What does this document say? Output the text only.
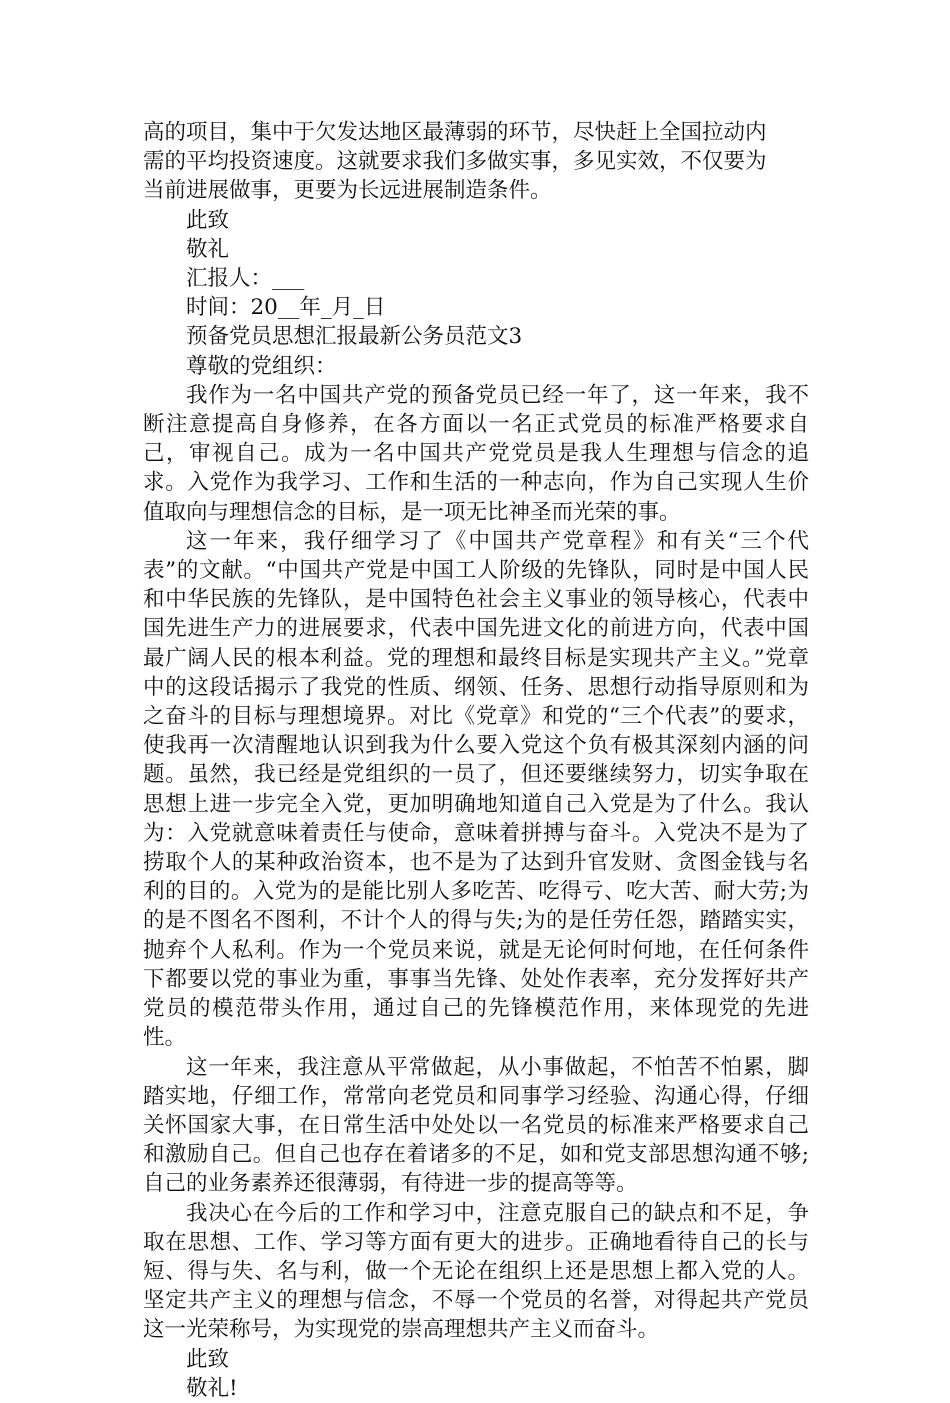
高的项目，集中于欠发达地区最薄弱的环节，尽快赶上全国拉动内
需的平均投资速度。这就要求我们多做实事，多见实效，不仅要为
当前进展做事，更要为长远进展制造条件。

此致

敬礼

汇报人：___

时间：20__年_月_日

预备党员思想汇报最新公务员范文3

尊敬的党组织：

我作为一名中国共产党的预备党员已经一年了，这一年来，我不断注意提高自身修养，在各方面以一名正式党员的标准严格要求自己，审视自己。成为一名中国共产党党员是我人生理想与信念的追求。入党作为我学习、工作和生活的一种志向，作为自己实现人生价值取向与理想信念的目标，是一项无比神圣而光荣的事。

这一年来，我仔细学习了《中国共产党章程》和有关“三个代表”的文献。“中国共产党是中国工人阶级的先锋队，同时是中国人民和中华民族的先锋队，是中国特色社会主义事业的领导核心，代表中国先进生产力的进展要求，代表中国先进文化的前进方向，代表中国最广阔人民的根本利益。党的理想和最终目标是实现共产主义。”党章中的这段话揭示了我党的性质、纲领、任务、思想行动指导原则和为之奋斗的目标与理想境界。对比《党章》和党的“三个代表”的要求，使我再一次清醒地认识到我为什么要入党这个负有极其深刻内涵的问题。虽然，我已经是党组织的一员了，但还要继续努力，切实争取在思想上进一步完全入党，更加明确地知道自己入党是为了什么。我认为：入党就意味着责任与使命，意味着拼搏与奋斗。入党决不是为了捞取个人的某种政治资本，也不是为了达到升官发财、贪图金钱与名利的目的。入党为的是能比别人多吃苦、吃得亏、吃大苦、耐大劳;为的是不图名不图利，不计个人的得与失;为的是任劳任怨，踏踏实实，抛弃个人私利。作为一个党员来说，就是无论何时何地，在任何条件下都要以党的事业为重，事事当先锋、处处作表率，充分发挥好共产党员的模范带头作用，通过自己的先锋模范作用，来体现党的先进性。

这一年来，我注意从平常做起，从小事做起，不怕苦不怕累，脚踏实地，仔细工作，常常向老党员和同事学习经验、沟通心得，仔细关怀国家大事，在日常生活中处处以一名党员的标准来严格要求自己和激励自己。但自己也存在着诸多的不足，如和党支部思想沟通不够;自己的业务素养还很薄弱，有待进一步的提高等等。

我决心在今后的工作和学习中，注意克服自己的缺点和不足，争取在思想、工作、学习等方面有更大的进步。正确地看待自己的长与短、得与失、名与利，做一个无论在组织上还是思想上都入党的人。坚定共产主义的理想与信念，不辱一个党员的名誉，对得起共产党员这一光荣称号，为实现党的崇高理想共产主义而奋斗。

此致

敬礼!
